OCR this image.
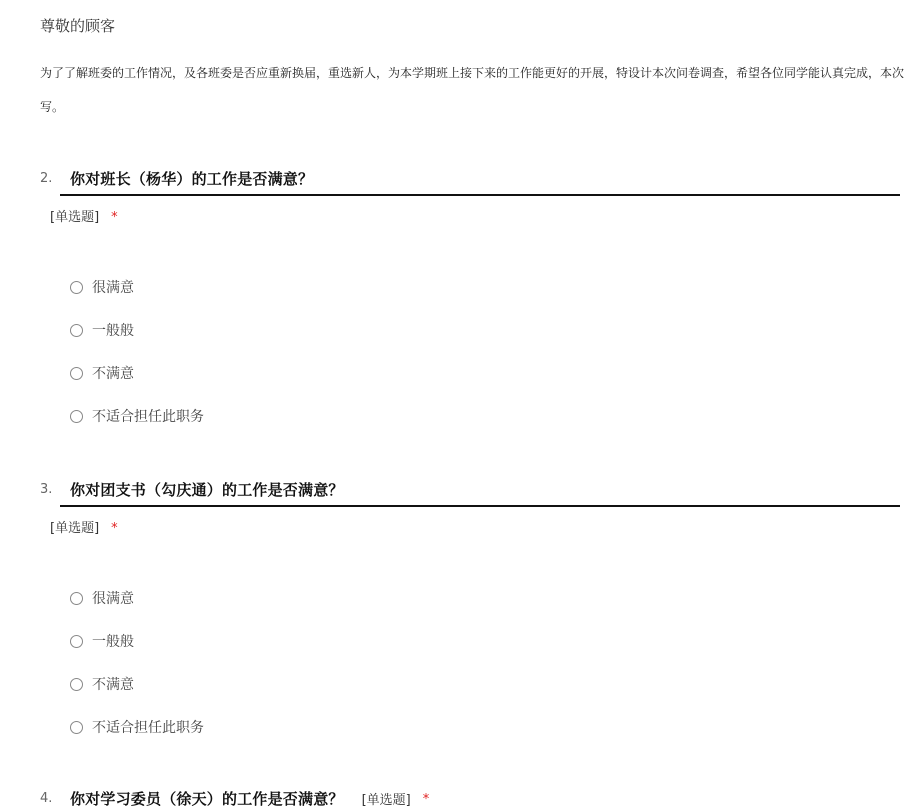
尊敬的顾客
为了了解班委的工作情况，及各班委是否应重新换届，重选新人，为本学期班上接下来的工作能更好的开展，特设计本次问卷调查，希望各位同学能认真完成，本次
写。
2. 你对班长（杨华）的工作是否满意？
[单选题] *
很满意
一般般
不满意
不适合担任此职务
3. 你对团支书（勾庆通）的工作是否满意？
[单选题] *
很满意
一般般
不满意
不适合担任此职务
4. 你对学习委员（徐天）的工作是否满意？ [单选题] *
